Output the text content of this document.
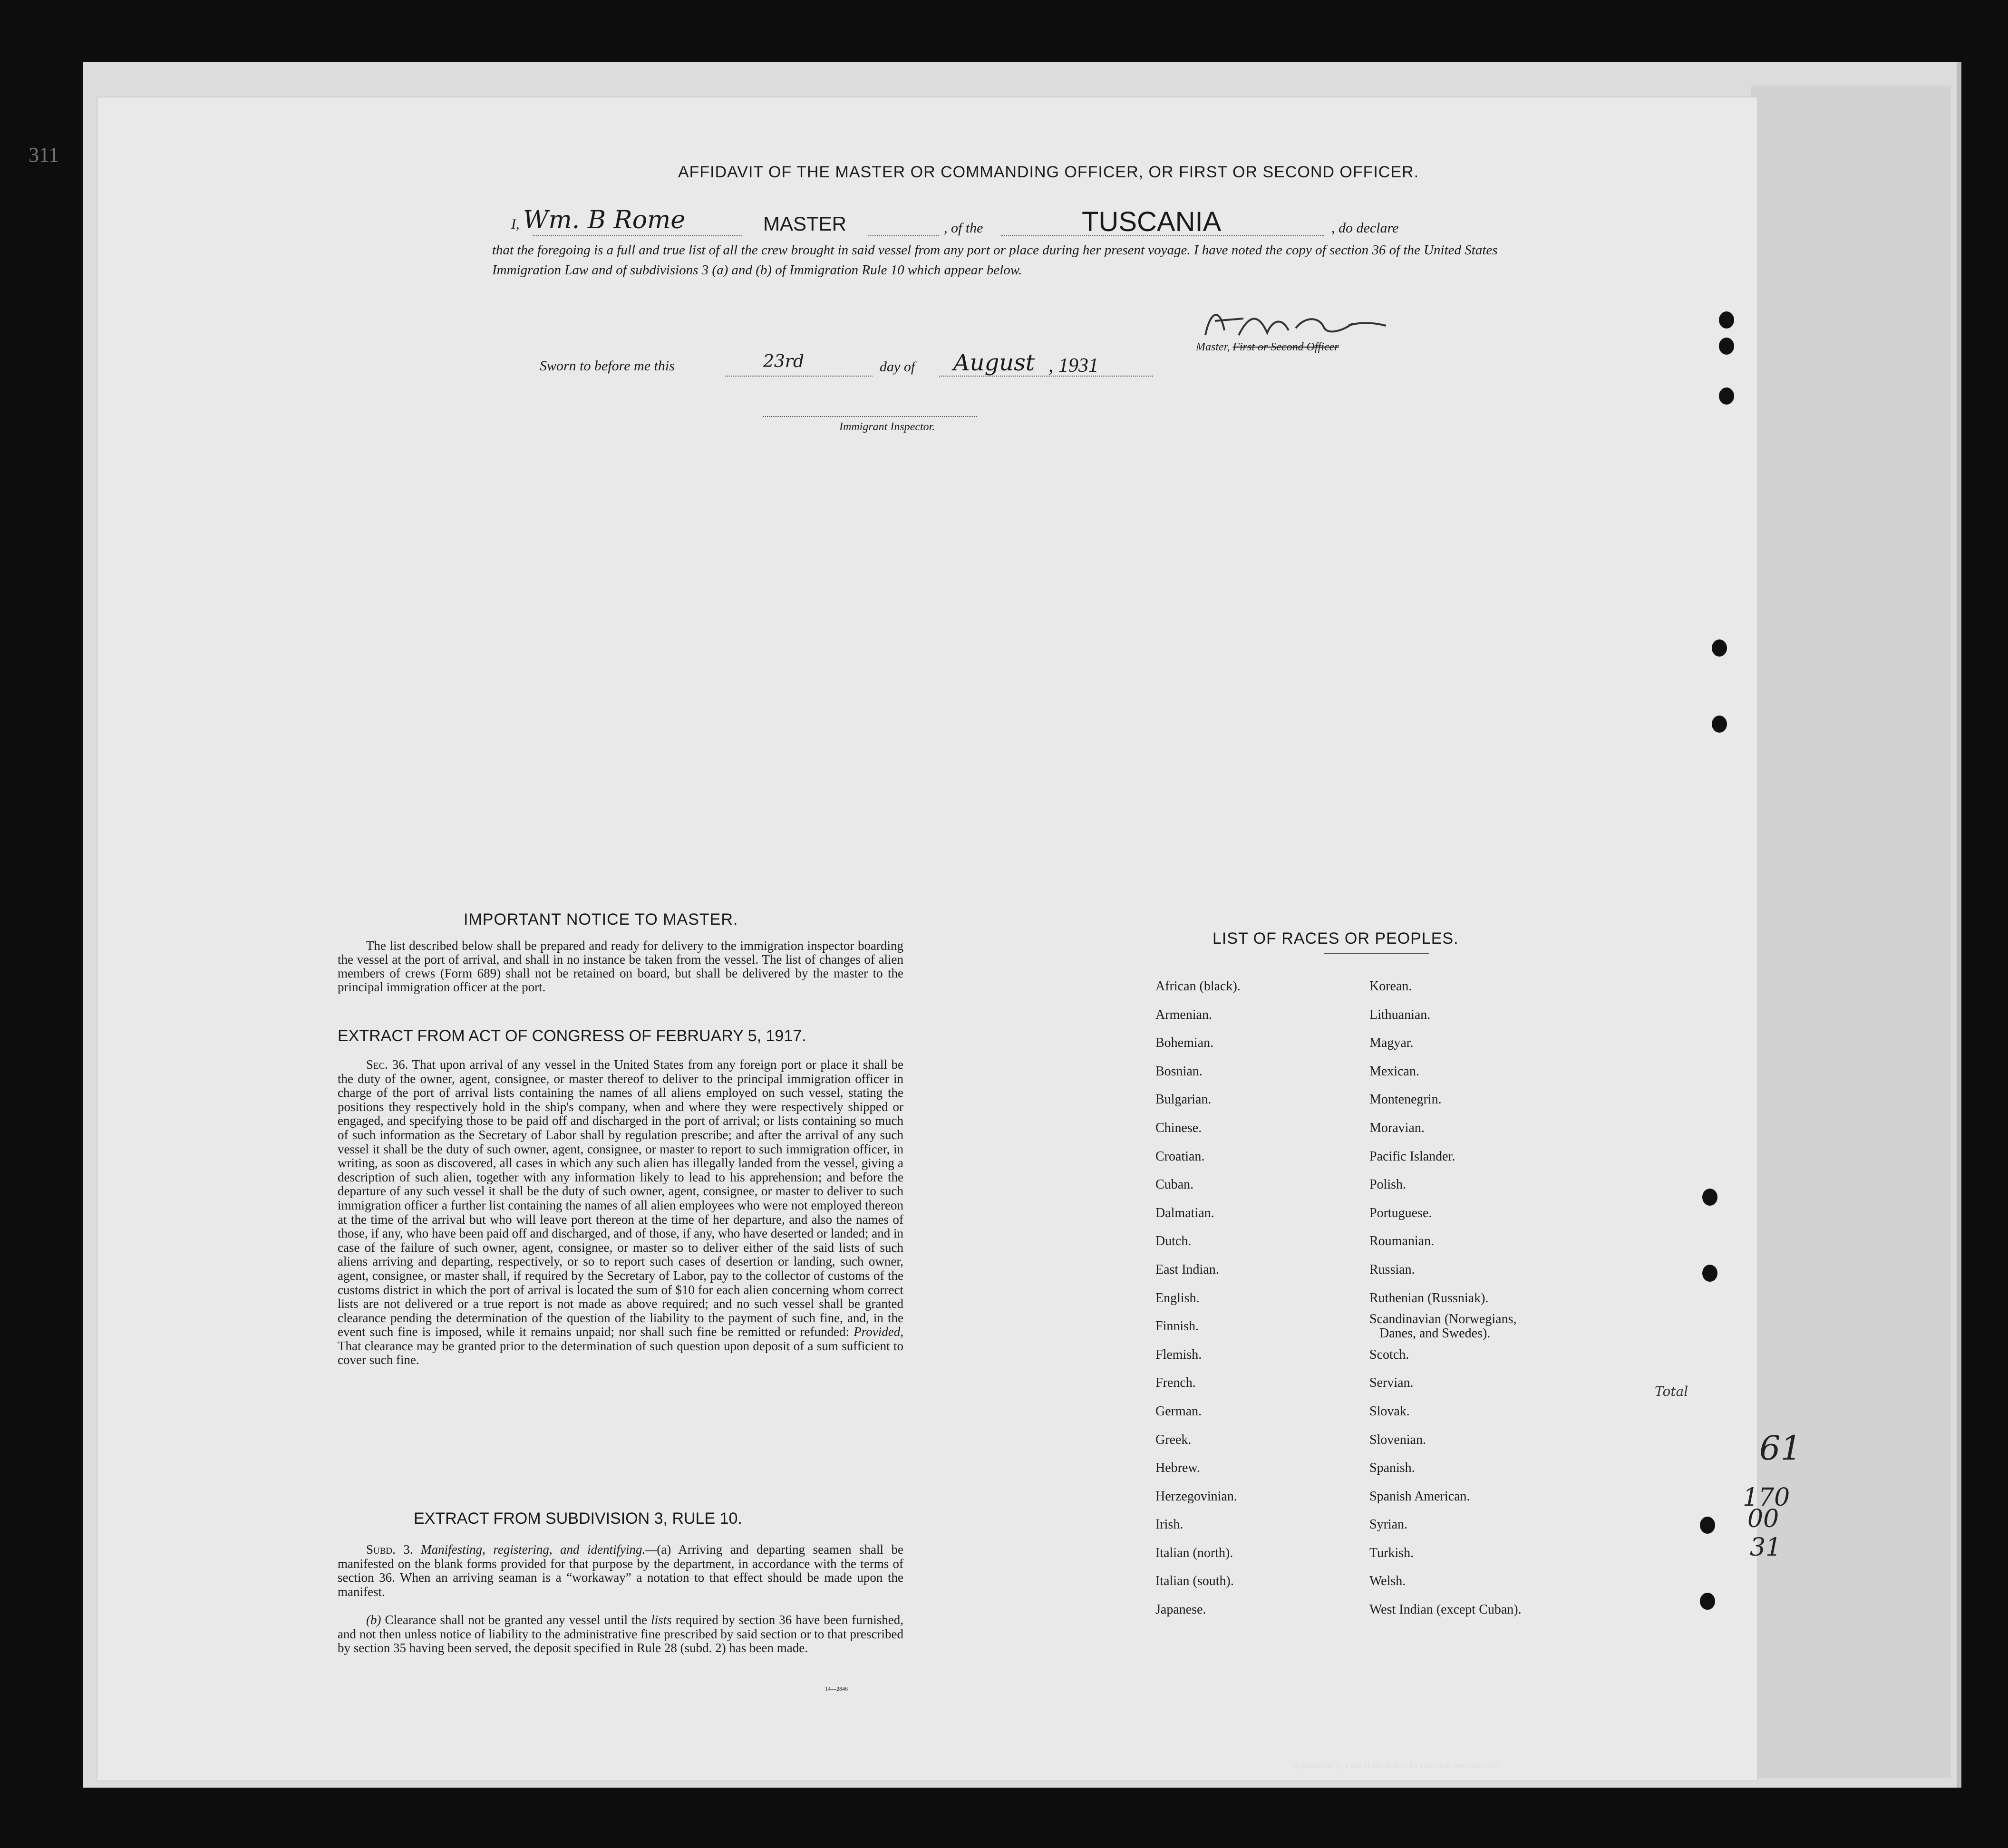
311
AFFIDAVIT OF THE MASTER OR COMMANDING OFFICER, OR FIRST OR SECOND OFFICER.
I, Wm. B Rome	MASTER	, of the	TUSCANIA	, do declare
that the foregoing is a full and true list of all the crew brought in said vessel from any port or place during her present voyage. I have noted the copy of section 36 of the United States Immigration Law and of subdivisions 3 (a) and (b) of Immigration Rule 10 which appear below.
Master, First or Second Officer
Sworn to before me this	23rd	day of August , 1931
Immigrant Inspector.
IMPORTANT NOTICE TO MASTER.
The list described below shall be prepared and ready for delivery to the immigration inspector boarding the vessel at the port of arrival, and shall in no instance be taken from the vessel. The list of changes of alien members of crews (Form 689) shall not be retained on board, but shall be delivered by the master to the principal immigration officer at the port.
EXTRACT FROM ACT OF CONGRESS OF FEBRUARY 5, 1917.
Sec. 36. That upon arrival of any vessel in the United States from any foreign port or place it shall be the duty of the owner, agent, consignee, or master thereof to deliver to the principal immigration officer in charge of the port of arrival lists containing the names of all aliens employed on such vessel, stating the positions they respectively hold in the ship's company, when and where they were respectively shipped or engaged, and specifying those to be paid off and discharged in the port of arrival; or lists containing so much of such information as the Secretary of Labor shall by regulation prescribe; and after the arrival of any such vessel it shall be the duty of such owner, agent, consignee, or master to report to such immigration officer, in writing, as soon as discovered, all cases in which any such alien has illegally landed from the vessel, giving a description of such alien, together with any information likely to lead to his apprehension; and before the departure of any such vessel it shall be the duty of such owner, agent, consignee, or master to deliver to such immigration officer a further list containing the names of all alien employees who were not employed thereon at the time of the arrival but who will leave port thereon at the time of her departure, and also the names of those, if any, who have been paid off and discharged, and of those, if any, who have deserted or landed; and in case of the failure of such owner, agent, consignee, or master so to deliver either of the said lists of such aliens arriving and departing, respectively, or so to report such cases of desertion or landing, such owner, agent, consignee, or master shall, if required by the Secretary of Labor, pay to the collector of customs of the customs district in which the port of arrival is located the sum of $10 for each alien concerning whom correct lists are not delivered or a true report is not made as above required; and no such vessel shall be granted clearance pending the determination of the question of the liability to the payment of such fine, and, in the event such fine is imposed, while it remains unpaid; nor shall such fine be remitted or refunded: Provided, That clearance may be granted prior to the determination of such question upon deposit of a sum sufficient to cover such fine.
EXTRACT FROM SUBDIVISION 3, RULE 10.
Subd. 3. Manifesting, registering, and identifying.—(a) Arriving and departing seamen shall be manifested on the blank forms provided for that purpose by the department, in accordance with the terms of section 36. When an arriving seaman is a “workaway” a notation to that effect should be made upon the manifest.
(b) Clearance shall not be granted any vessel until the lists required by section 36 have been furnished, and not then unless notice of liability to the administrative fine prescribed by said section or to that prescribed by section 35 having been served, the deposit specified in Rule 28 (subd. 2) has been made.
14—2846
LIST OF RACES OR PEOPLES.
African (black).
Armenian.
Bohemian.
Bosnian.
Bulgarian.
Chinese.
Croatian.
Cuban.
Dalmatian.
Dutch.
East Indian.
English.
Finnish.
Flemish.
French.
German.
Greek.
Hebrew.
Herzegovinian.
Irish.
Italian (north).
Italian (south).
Japanese.
Korean.
Lithuanian.
Magyar.
Mexican.
Montenegrin.
Moravian.
Pacific Islander.
Polish.
Portuguese.
Roumanian.
Russian.
Ruthenian (Russniak).
Scandinavian (Norwegians,
Danes, and Swedes).
Scotch.
Servian.
Slovak.
Slovenian.
Spanish.
Spanish American.
Syrian.
Turkish.
Welsh.
West Indian (except Cuban).
Total
61
170
00
31
is punishable by a fine of Ten Dollars for each alien. See other side.
